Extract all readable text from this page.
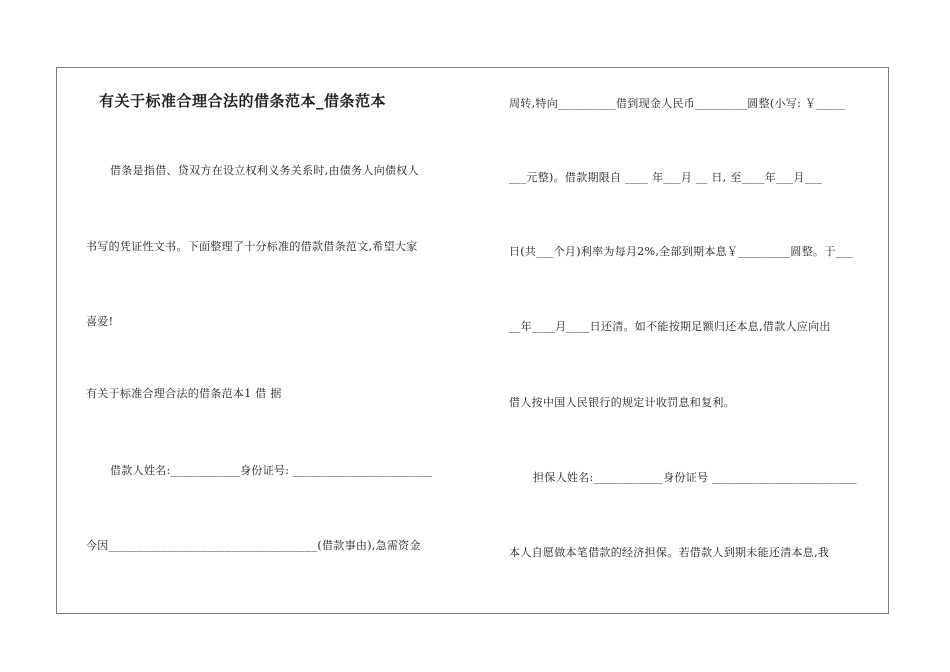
有关于标准合理合法的借条范本_借条范本
借条是指借、贷双方在设立权利义务关系时,由债务人向债权人
书写的凭证性文书。下面整理了十分标准的借款借条范文,希望大家
喜爱!
有关于标准合理合法的借条范本1 借 据
借款人姓名:____________身份证号: ________________________
今因____________________________________(借款事由),急需资金
周转,特向__________借到现金人民币_________圆整(小写: ￥_____
___元整)。借款期限自 ____ 年___月 __ 日, 至____年___月___
日(共___个月)利率为每月2%,全部到期本息￥_________圆整。于___
__年____月____日还清。如不能按期足额归还本息,借款人应向出
借人按中国人民银行的规定计收罚息和复利。
担保人姓名:____________身份证号 _________________________
本人自愿做本笔借款的经济担保。若借款人到期未能还清本息,我
